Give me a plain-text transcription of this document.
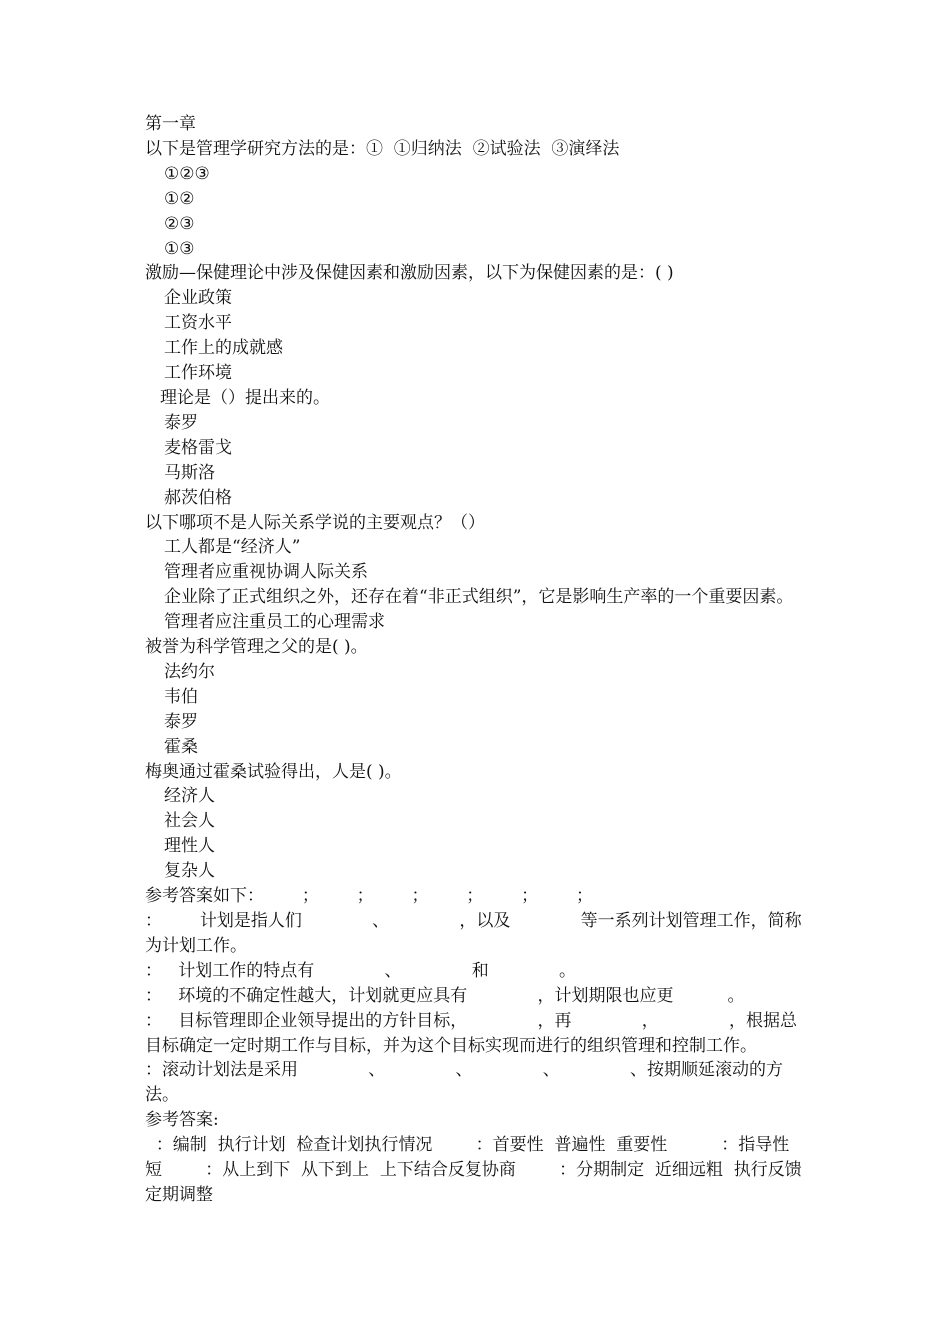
第一章
以下是管理学研究方法的是：①  ①归纳法  ②试验法  ③演绎法
①②③
①②
②③
①③
激励—保健理论中涉及保健因素和激励因素，以下为保健因素的是：( )
企业政策
工资水平
工作上的成就感
工作环境
理论是（）提出来的。
泰罗
麦格雷戈
马斯洛
郝茨伯格
以下哪项不是人际关系学说的主要观点？（）
工人都是“经济人”
管理者应重视协调人际关系
企业除了正式组织之外，还存在着“非正式组织”，它是影响生产率的一个重要因素。
管理者应注重员工的心理需求
被誉为科学管理之父的是( )。
法约尔
韦伯
泰罗
霍桑
梅奥通过霍桑试验得出，人是( )。
经济人
社会人
理性人
复杂人
参考答案如下：       ；       ；       ；       ；       ；       ；
：       计划是指人们             、             ，以及             等一系列计划管理工作，简称为计划工作。
：   计划工作的特点有             、             和             。
：   环境的不确定性越大，计划就更应具有             ，计划期限也应更          。
：   目标管理即企业领导提出的方针目标，             ，再             ，             ，根据总目标确定一定时期工作与目标，并为这个目标实现而进行的组织管理和控制工作。
：滚动计划法是采用             、             、             、             、按期顺延滚动的方法。
参考答案:
：编制  执行计划  检查计划执行情况        ：首要性  普遍性  重要性          ：指导性  短        ：从上到下  从下到上  上下结合反复协商        ：分期制定  近细远粗  执行反馈  定期调整
